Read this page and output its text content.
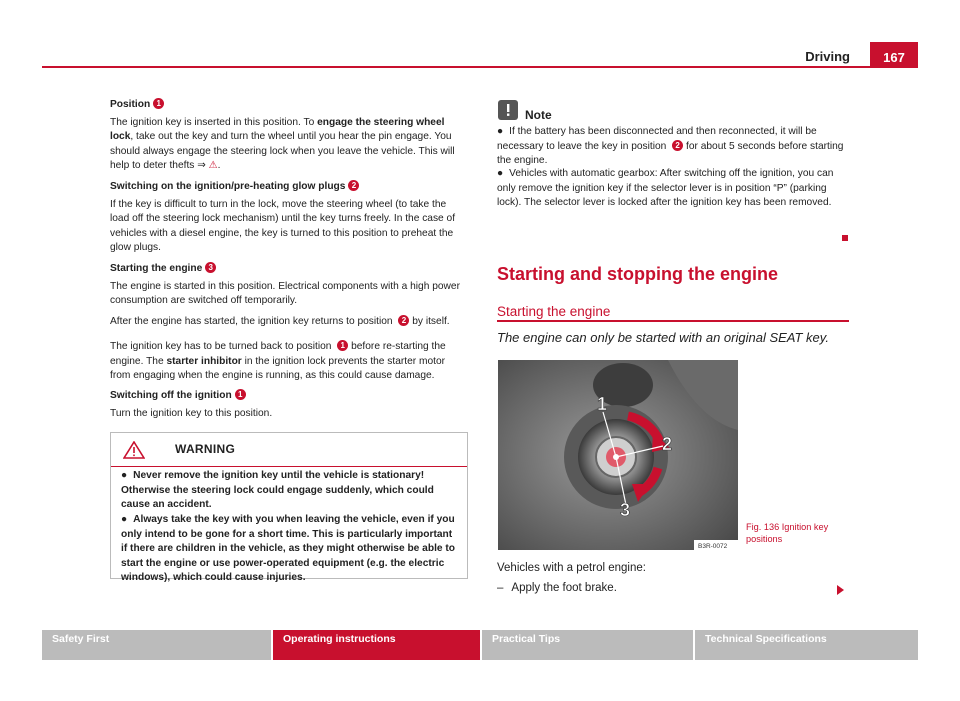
Driving	167
Position 1
The ignition key is inserted in this position. To engage the steering wheel lock, take out the key and turn the wheel until you hear the pin engage. You should always engage the steering lock when you leave the vehicle. This will help to deter thefts ⇒ ⚠.
Switching on the ignition/pre-heating glow plugs 2
If the key is difficult to turn in the lock, move the steering wheel (to take the load off the steering lock mechanism) until the key turns freely. In the case of vehicles with a diesel engine, the key is turned to this position to preheat the glow plugs.
Starting the engine 3
The engine is started in this position. Electrical components with a high power consumption are switched off temporarily.
After the engine has started, the ignition key returns to position 2 by itself.
The ignition key has to be turned back to position 1 before re-starting the engine. The starter inhibitor in the ignition lock prevents the starter motor from engaging when the engine is running, as this could cause damage.
Switching off the ignition 1
Turn the ignition key to this position.
WARNING
● Never remove the ignition key until the vehicle is stationary! Otherwise the steering lock could engage suddenly, which could cause an accident.
● Always take the key with you when leaving the vehicle, even if you only intend to be gone for a short time. This is particularly important if there are children in the vehicle, as they might otherwise be able to start the engine or use power-operated equipment (e.g. the electric windows), which could cause injuries.
Note
● If the battery has been disconnected and then reconnected, it will be necessary to leave the key in position 2 for about 5 seconds before starting the engine.
● Vehicles with automatic gearbox: After switching off the ignition, you can only remove the ignition key if the selector lever is in position “P” (parking lock). The selector lever is locked after the ignition key has been removed.
Starting and stopping the engine
Starting the engine
The engine can only be started with an original SEAT key.
1
2
3
B3R-0072
Fig. 136 Ignition key positions
Vehicles with a petrol engine:
– Apply the foot brake.
Safety First	Operating instructions	Practical Tips	Technical Specifications
